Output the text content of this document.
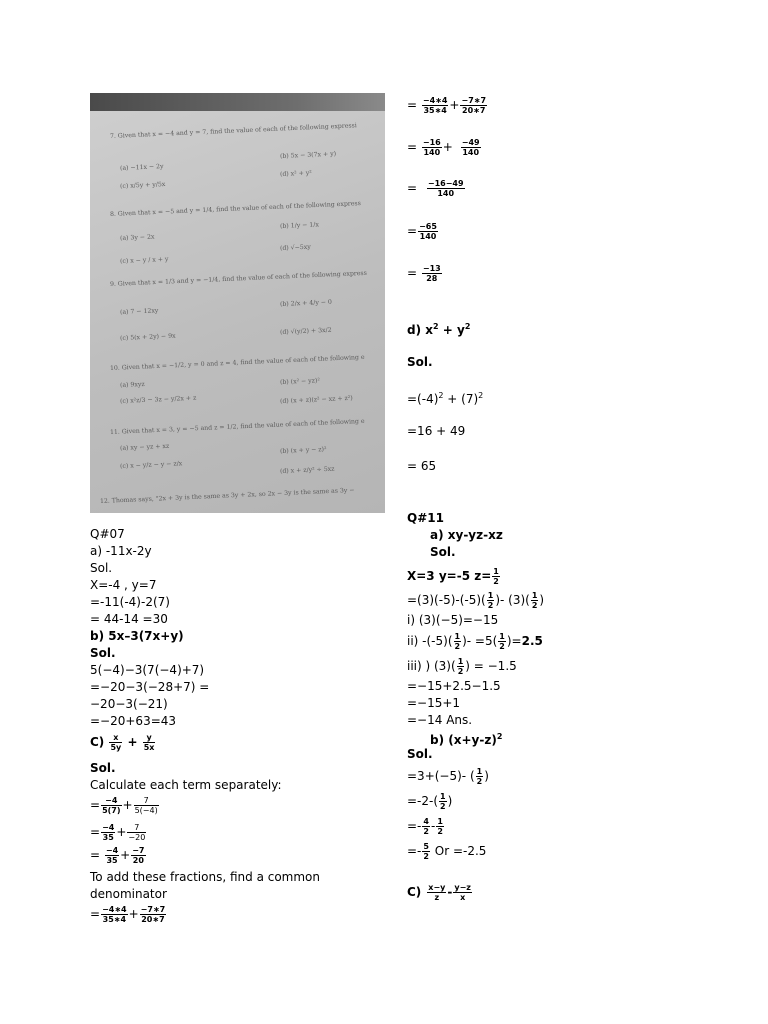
7. Given that x = −4 and y = 7, find the value of each of the following expressi
(a) −11x − 2y
(b) 5x − 3(7x + y)
(c) x/5y + y/5x
(d) x² + y²
8. Given that x = −5 and y = 1/4, find the value of each of the following express
(a) 3y − 2x
(b) 1/y − 1/x
(c) x − y / x + y
(d) √−5xy
9. Given that x = 1/3 and y = −1/4, find the value of each of the following express
(a) 7 − 12xy
(b) 2/x + 4/y − 0
(c) 5(x + 2y) − 9x
(d) √(y/2) + 3x/2
10. Given that x = −1/2, y = 0 and z = 4, find the value of each of the following e
(a) 9xyz	(b) (x² − yz)²
(c) x²z/3 − 3z − y/2x + z	(d) (x + z)(z² − xz + z²)
11. Given that x = 3, y = −5 and z = 1/2, find the value of each of the following e
(a) xy − yz + xz	(b) (x + y − z)²
(c) x − y/z − y − z/x
(d) x + z/y² ÷ 5xz
12. Thomas says, "2x + 3y is the same as 3y + 2x, so 2x − 3y is the same as 3y −
Q#07
a) -11x-2y
Sol.
X=-4 , y=7
=-11(-4)-2(7)
= 44-14 =30
b) 5x–3(7x+y)
Sol.
5(−4)−3(7(−4)+7)
=−20−3(−28+7) =
−20−3(−21)
=−20+63=43
$C) \frac{x}{5y} + \frac{y}{5x}$
Sol.
Calculate each term separately:
= $\frac{-4}{5(7)} + \frac{7}{5(-4)}$
= $\frac{-4}{35} + \frac{7}{-20}$
= $\frac{-4}{35} + \frac{-7}{20}$
To add these fractions, find a common
denominator
= $\frac{-4∗4}{35∗4} + \frac{-7∗7}{20∗7}$
= $\frac{-4∗4}{35∗4} + \frac{-7∗7}{20∗7}$
= $\frac{-16}{140} + \frac{-49}{140}$
= $\frac{-16-49}{140}$
= $\frac{-65}{140}$
= $\frac{-13}{28}$
d) $x^2 + y^2$
Sol.
$=(-4)^2 + (7)^2$
=16 + 49
= 65
Q#11
a) xy-yz-xz
Sol.
X=3 y=-5 $z= \frac{1}{2}$
$=(3)(-5)-(-5)( \frac{1}{2}$ )- $(3)( \frac{1}{2}$ )
i) (3)(−5)=−15
ii) $-(-5)( \frac{1}{2}$ )- $=5( \frac{1}{2} )=2.5$
iii) ) $(3)( \frac{1}{2}$ ) = −1.5
=−15+2.5−1.5
=−15+1
=−14 Ans.
b) $(x+y-z)^2$
Sol.
=3+(−5)- ( $\frac{1}{2}$ )
$=-2-( \frac{1}{2}$ )
=- $\frac{4}{2} - \frac{1}{2}$
=- $\frac{5}{2}$ Or =-2.5
$C) \frac{x-y}{z} - \frac{y-z}{x}$
